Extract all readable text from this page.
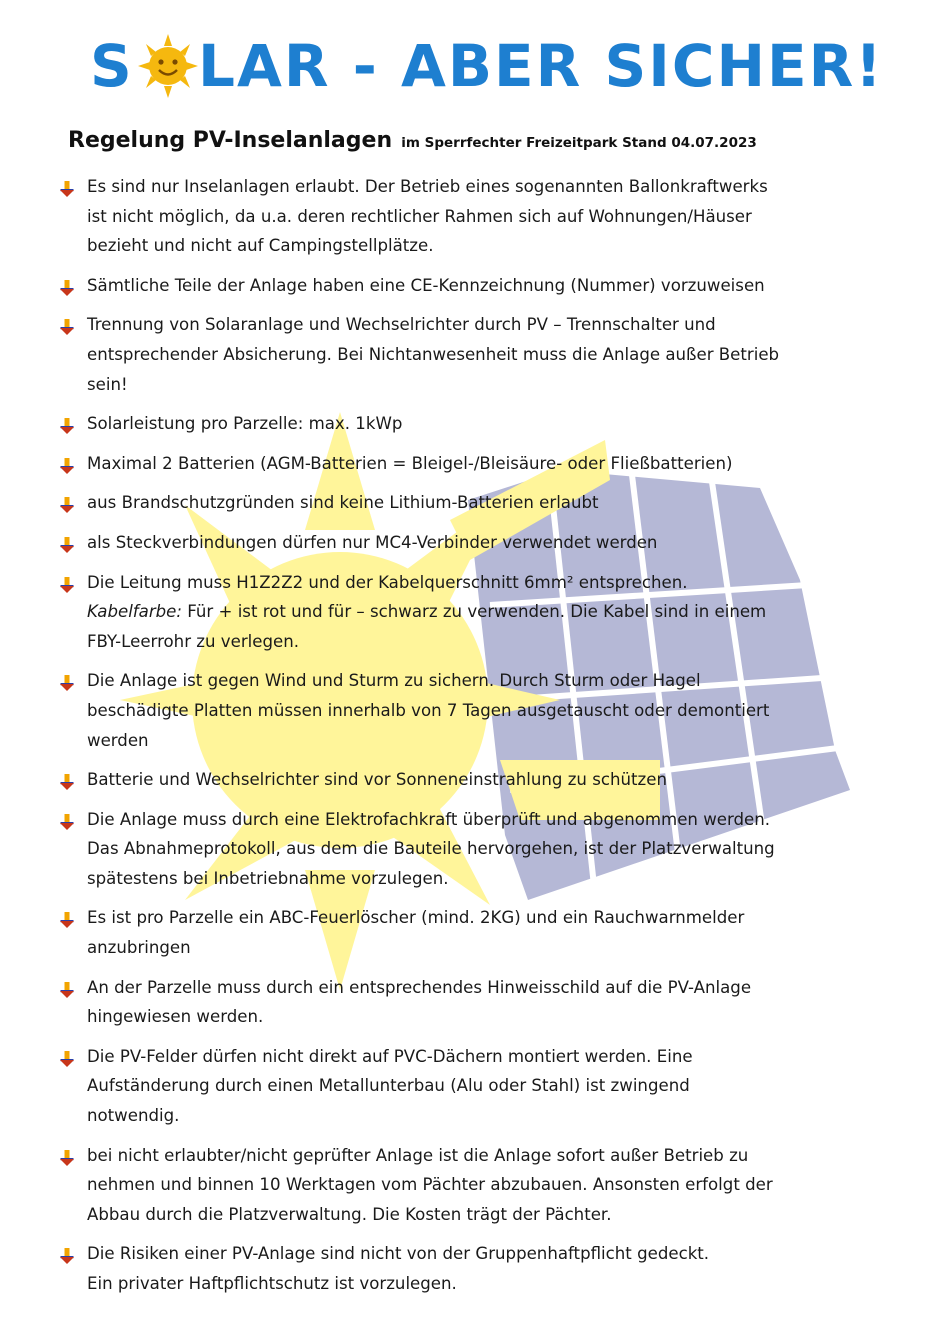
S LAR - ABER SICHER!
Regelung PV-Inselanlagen im Sperrfechter Freizeitpark Stand 04.07.2023
Es sind nur Inselanlagen erlaubt. Der Betrieb eines sogenannten Ballonkraftwerks
ist nicht möglich, da u.a. deren rechtlicher Rahmen sich auf Wohnungen/Häuser
bezieht und nicht auf Campingstellplätze.
Sämtliche Teile der Anlage haben eine CE-Kennzeichnung (Nummer) vorzuweisen
Trennung von Solaranlage und Wechselrichter durch PV – Trennschalter und
entsprechender Absicherung. Bei Nichtanwesenheit muss die Anlage außer Betrieb
sein!
Solarleistung pro Parzelle: max. 1kWp
Maximal 2 Batterien (AGM-Batterien = Bleigel-/Bleisäure- oder Fließbatterien)
aus Brandschutzgründen sind keine Lithium-Batterien erlaubt
als Steckverbindungen dürfen nur MC4-Verbinder verwendet werden
Die Leitung muss H1Z2Z2 und der Kabelquerschnitt 6mm² entsprechen.
Kabelfarbe: Für + ist rot und für – schwarz zu verwenden. Die Kabel sind in einem
FBY-Leerrohr zu verlegen.
Die Anlage ist gegen Wind und Sturm zu sichern. Durch Sturm oder Hagel
beschädigte Platten müssen innerhalb von 7 Tagen ausgetauscht oder demontiert
werden
Batterie und Wechselrichter sind vor Sonneneinstrahlung zu schützen
Die Anlage muss durch eine Elektrofachkraft überprüft und abgenommen werden.
Das Abnahmeprotokoll, aus dem die Bauteile hervorgehen, ist der Platzverwaltung
spätestens bei Inbetriebnahme vorzulegen.
Es ist pro Parzelle ein ABC-Feuerlöscher (mind. 2KG) und ein Rauchwarnmelder
anzubringen
An der Parzelle muss durch ein entsprechendes Hinweisschild auf die PV-Anlage
hingewiesen werden.
Die PV-Felder dürfen nicht direkt auf PVC-Dächern montiert werden. Eine
Aufständerung durch einen Metallunterbau (Alu oder Stahl) ist zwingend
notwendig.
bei nicht erlaubter/nicht geprüfter Anlage ist die Anlage sofort außer Betrieb zu
nehmen und binnen 10 Werktagen vom Pächter abzubauen. Ansonsten erfolgt der
Abbau durch die Platzverwaltung. Die Kosten trägt der Pächter.
Die Risiken einer PV-Anlage sind nicht von der Gruppenhaftpflicht gedeckt.
Ein privater Haftpflichtschutz ist vorzulegen.
